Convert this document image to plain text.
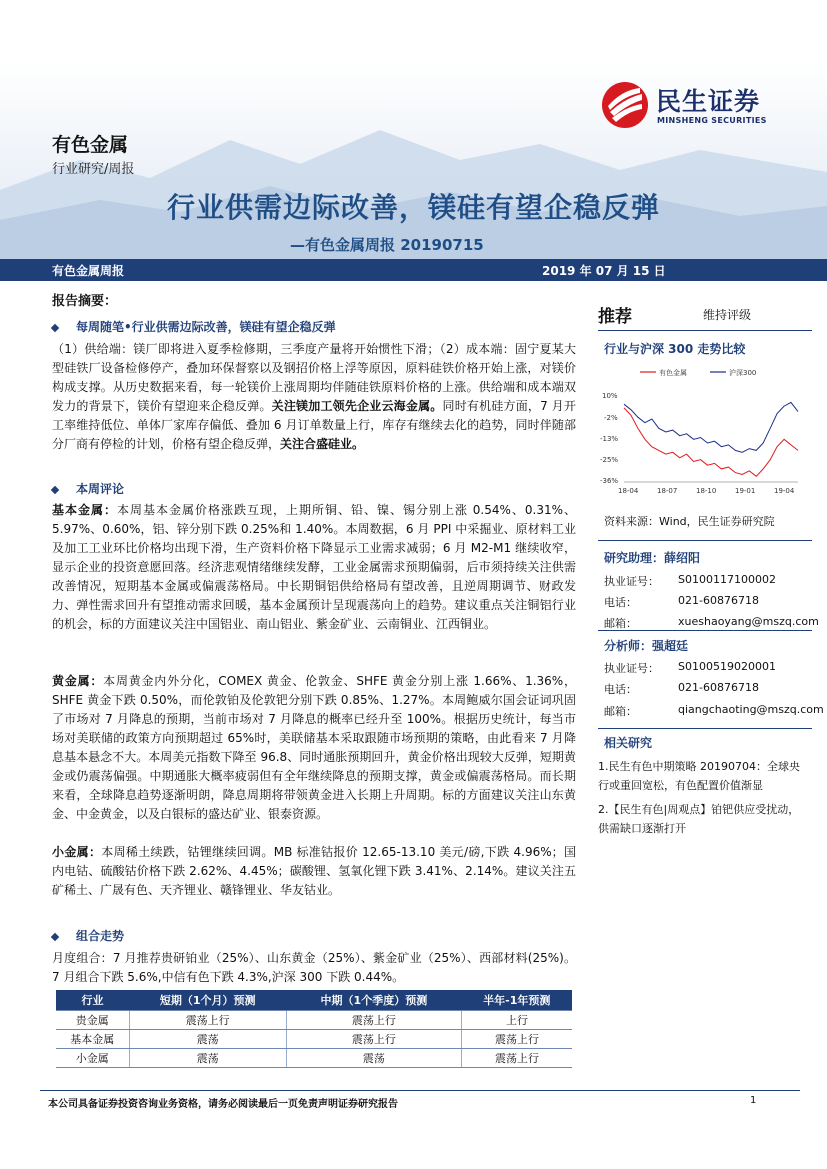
民生证券
MINSHENG SECURITIES
有色金属
行业研究/周报
行业供需边际改善，镁硅有望企稳反弹
—有色金属周报 20190715
有色金属周报	2019 年 07 月 15 日
报告摘要：
每周随笔•行业供需边际改善，镁硅有望企稳反弹
（1）供给端：镁厂即将进入夏季检修期，三季度产量将开始惯性下滑；（2）成本端：固宁夏某大型硅铁厂设备检修停产，叠加环保督察以及钢招价格上浮等原因，原料硅铁价格开始上涨，对镁价构成支撑。从历史数据来看，每一轮镁价上涨周期均伴随硅铁原料价格的上涨。供给端和成本端双发力的背景下，镁价有望迎来企稳反弹。关注镁加工领先企业云海金属。同时有机硅方面，7 月开工率维持低位、单体厂家库存偏低、叠加 6 月订单数量上行，库存有继续去化的趋势，同时伴随部分厂商有停检的计划，价格有望企稳反弹，关注合盛硅业。
本周评论
基本金属：本周基本金属价格涨跌互现，上期所铜、铅、镍、锡分别上涨 0.54%、0.31%、5.97%、0.60%，铝、锌分别下跌 0.25%和 1.40%。本周数据，6 月 PPI 中采掘业、原材料工业及加工工业环比价格均出现下滑，生产资料价格下降显示工业需求减弱；6 月 M2-M1 继续收窄，显示企业的投资意愿回落。经济悲观情绪继续发酵，工业金属需求预期偏弱，后市须持续关注供需改善情况，短期基本金属或偏震荡格局。中长期铜铝供给格局有望改善，且逆周期调节、财政发力、弹性需求回升有望推动需求回暖，基本金属预计呈现震荡向上的趋势。建议重点关注铜铝行业的机会，标的方面建议关注中国铝业、南山铝业、紫金矿业、云南铜业、江西铜业。
黄金属：本周黄金内外分化，COMEX 黄金、伦敦金、SHFE 黄金分别上涨 1.66%、1.36%，SHFE 黄金下跌 0.50%，而伦敦铂及伦敦钯分别下跌 0.85%、1.27%。本周鲍威尔国会证词巩固了市场对 7 月降息的预期，当前市场对 7 月降息的概率已经升至 100%。根据历史统计，每当市场对美联储的政策方向预期超过 65%时，美联储基本采取跟随市场预期的策略，由此看来 7 月降息基本悬念不大。本周美元指数下降至 96.8、同时通胀预期回升，黄金价格出现较大反弹，短期黄金或仍震荡偏强。中期通胀大概率疲弱但有全年继续降息的预期支撑，黄金或偏震荡格局。而长期来看，全球降息趋势逐渐明朗，降息周期将带领黄金进入长期上升周期。标的方面建议关注山东黄金、中金黄金，以及白银标的盛达矿业、银泰资源。
小金属：本周稀土续跌，钴锂继续回调。MB 标准钴报价 12.65-13.10 美元/磅,下跌 4.96%；国内电钴、硫酸钴价格下跌 2.62%、4.45%；碳酸锂、氢氧化锂下跌 3.41%、2.14%。建议关注五矿稀土、广晟有色、天齐锂业、赣锋锂业、华友钴业。
组合走势
月度组合：7 月推荐贵研铂业（25%）、山东黄金（25%）、紫金矿业（25%）、西部材料(25%)。7 月组合下跌 5.6%,中信有色下跌 4.3%,沪深 300 下跌 0.44%。
行业	短期（1个月）预测	中期（1个季度）预测	半年-1年预测
贵金属	震荡上行	震荡上行	上行
基本金属	震荡	震荡上行	震荡上行
小金属	震荡	震荡	震荡上行
推荐	维持评级
行业与沪深 300 走势比较
有色金属	沪深300
10%
-2%
-13%
-25%
-36%
18-04	18-07	18-10	19-01	19-04
资料来源：Wind，民生证券研究院
研究助理：薛绍阳
执业证号： S0100117100002
电话：	021-60876718
邮箱：	xueshaoyang@mszq.com
分析师：强超廷
执业证号： S0100519020001
电话：	021-60876718
邮箱：	qiangchaoting@mszq.com
相关研究
1.民生有色中期策略 20190704：全球央行或重回宽松，有色配置价值渐显
2.【民生有色|周观点】铂钯供应受扰动，供需缺口逐渐打开
本公司具备证券投资咨询业务资格，请务必阅读最后一页免责声明证券研究报告	1
